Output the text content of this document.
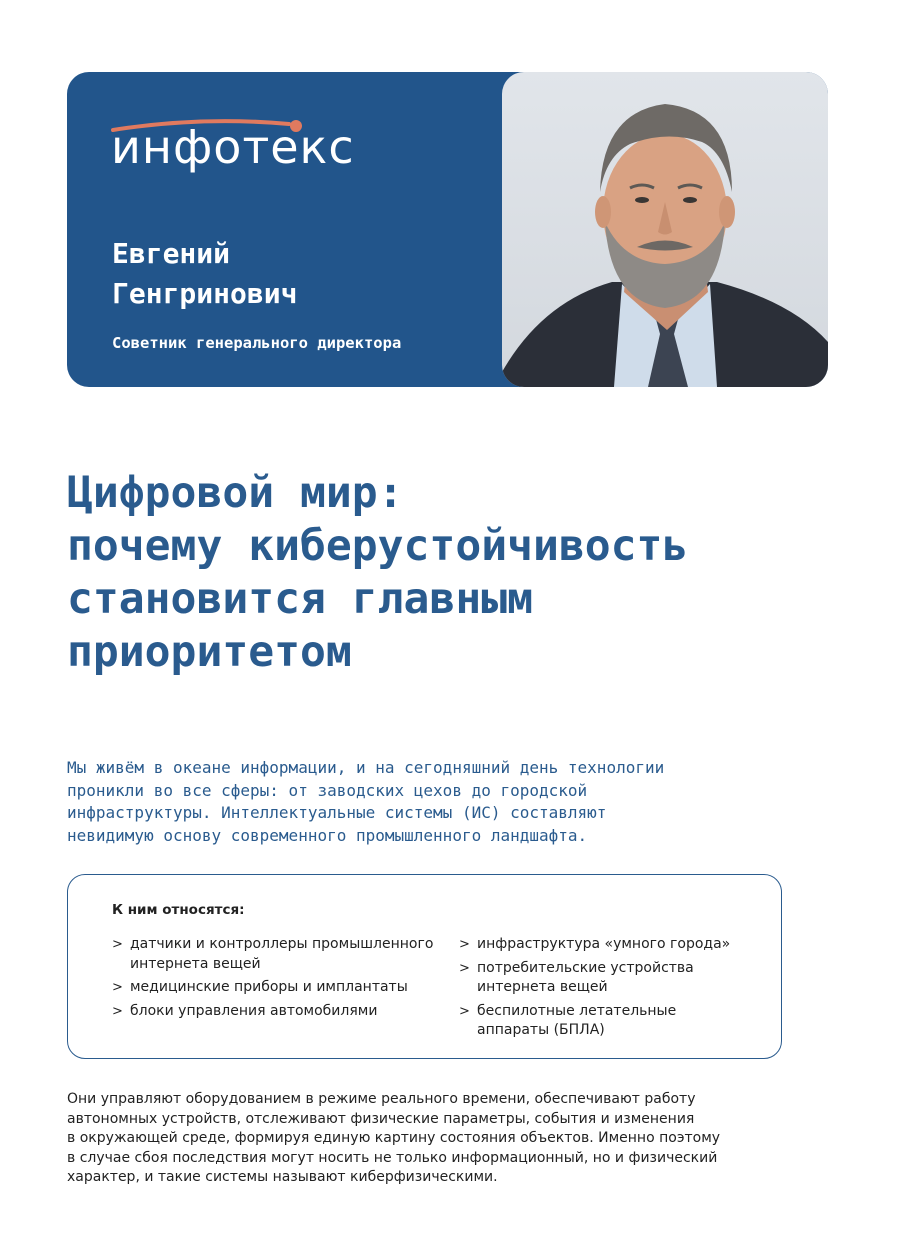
инфотекс
Евгений
Генгринович

Советник генерального директора

Цифровой мир:
почему киберустойчивость
становится главным
приоритетом

Мы живём в океане информации, и на сегодняшний день технологии
проникли во все сферы: от заводских цехов до городской
инфраструктуры. Интеллектуальные системы (ИС) составляют
невидимую основу современного промышленного ландшафта.

К ним относятся:

> датчики и контроллеры промышленного
интернета вещей
> медицинские приборы и имплантаты
> блоки управления автомобилями
> инфраструктура «умного города»
> потребительские устройства
интернета вещей
> беспилотные летательные
аппараты (БПЛА)

Они управляют оборудованием в режиме реального времени, обеспечивают работу
автономных устройств, отслеживают физические параметры, события и изменения
в окружающей среде, формируя единую картину состояния объектов. Именно поэтому
в случае сбоя последствия могут носить не только информационный, но и физический
характер, и такие системы называют киберфизическими.
